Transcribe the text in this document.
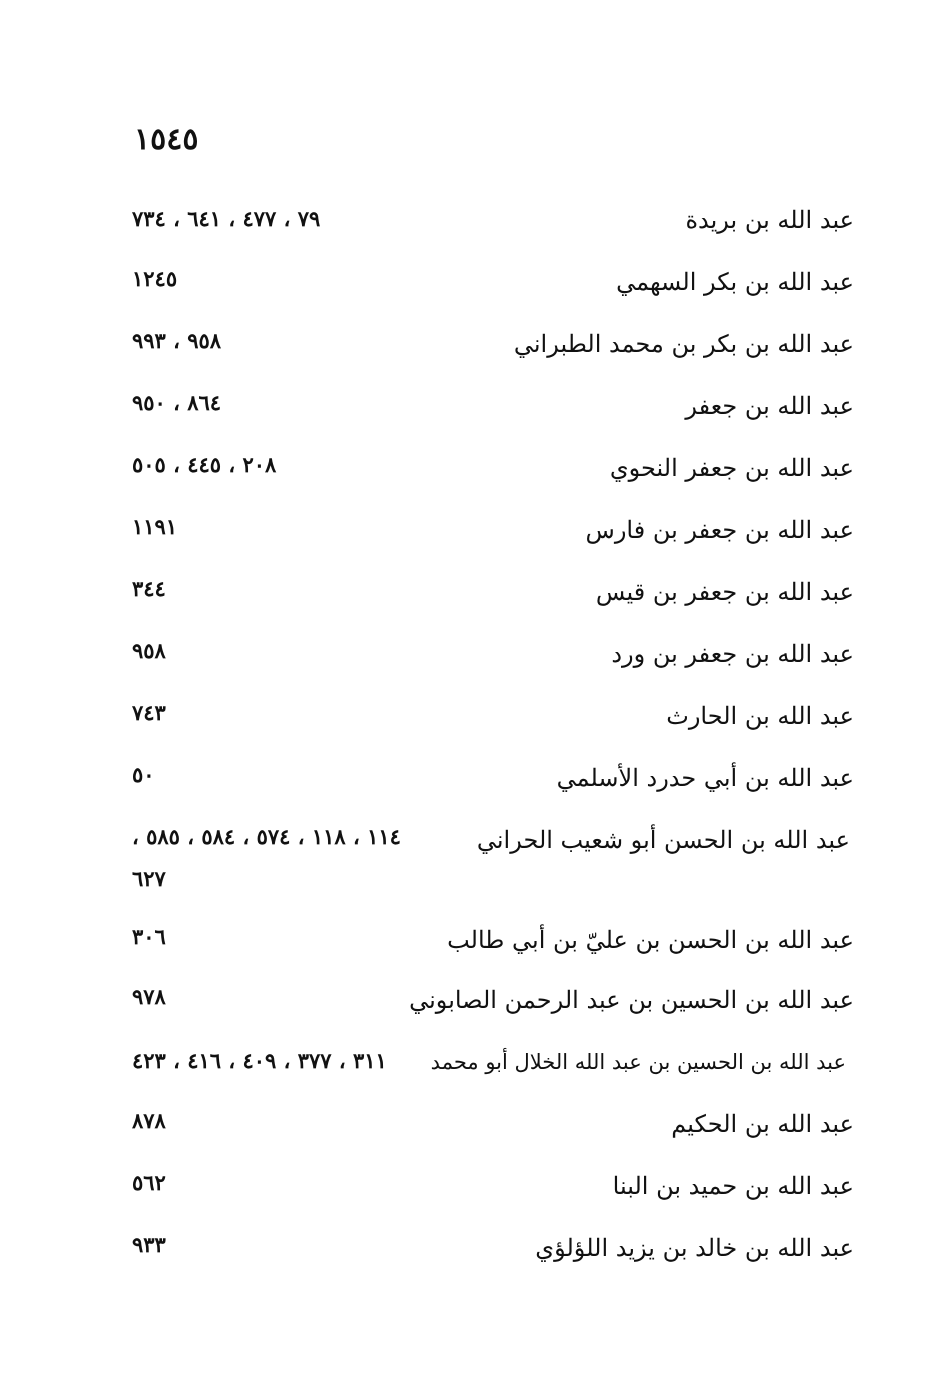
١٥٤٥
عبد الله بن بريدة
٧٩ ، ٤٧٧ ، ٦٤١ ، ٧٣٤
عبد الله بن بكر السهمي
١٢٤٥
عبد الله بن بكر بن محمد الطبراني
٩٥٨ ، ٩٩٣
عبد الله بن جعفر
٨٦٤ ، ٩٥٠
عبد الله بن جعفر النحوي
٢٠٨ ، ٤٤٥ ، ٥٠٥
عبد الله بن جعفر بن فارس
١١٩١
عبد الله بن جعفر بن قيس
٣٤٤
عبد الله بن جعفر بن ورد
٩٥٨
عبد الله بن الحارث
٧٤٣
عبد الله بن أبي حدرد الأسلمي
٥٠
عبد الله بن الحسن أبو شعيب الحراني
١١٤ ، ١١٨ ، ٥٧٤ ، ٥٨٤ ، ٥٨٥ ،
٦٢٧
عبد الله بن الحسن بن عليّ بن أبي طالب
٣٠٦
عبد الله بن الحسين بن عبد الرحمن الصابوني
٩٧٨
عبد الله بن الحسين بن عبد الله الخلال أبو محمد
٣١١ ، ٣٧٧ ، ٤٠٩ ، ٤١٦ ، ٤٢٣
عبد الله بن الحكيم
٨٧٨
عبد الله بن حميد بن البنا
٥٦٢
عبد الله بن خالد بن يزيد اللؤلؤي
٩٣٣
